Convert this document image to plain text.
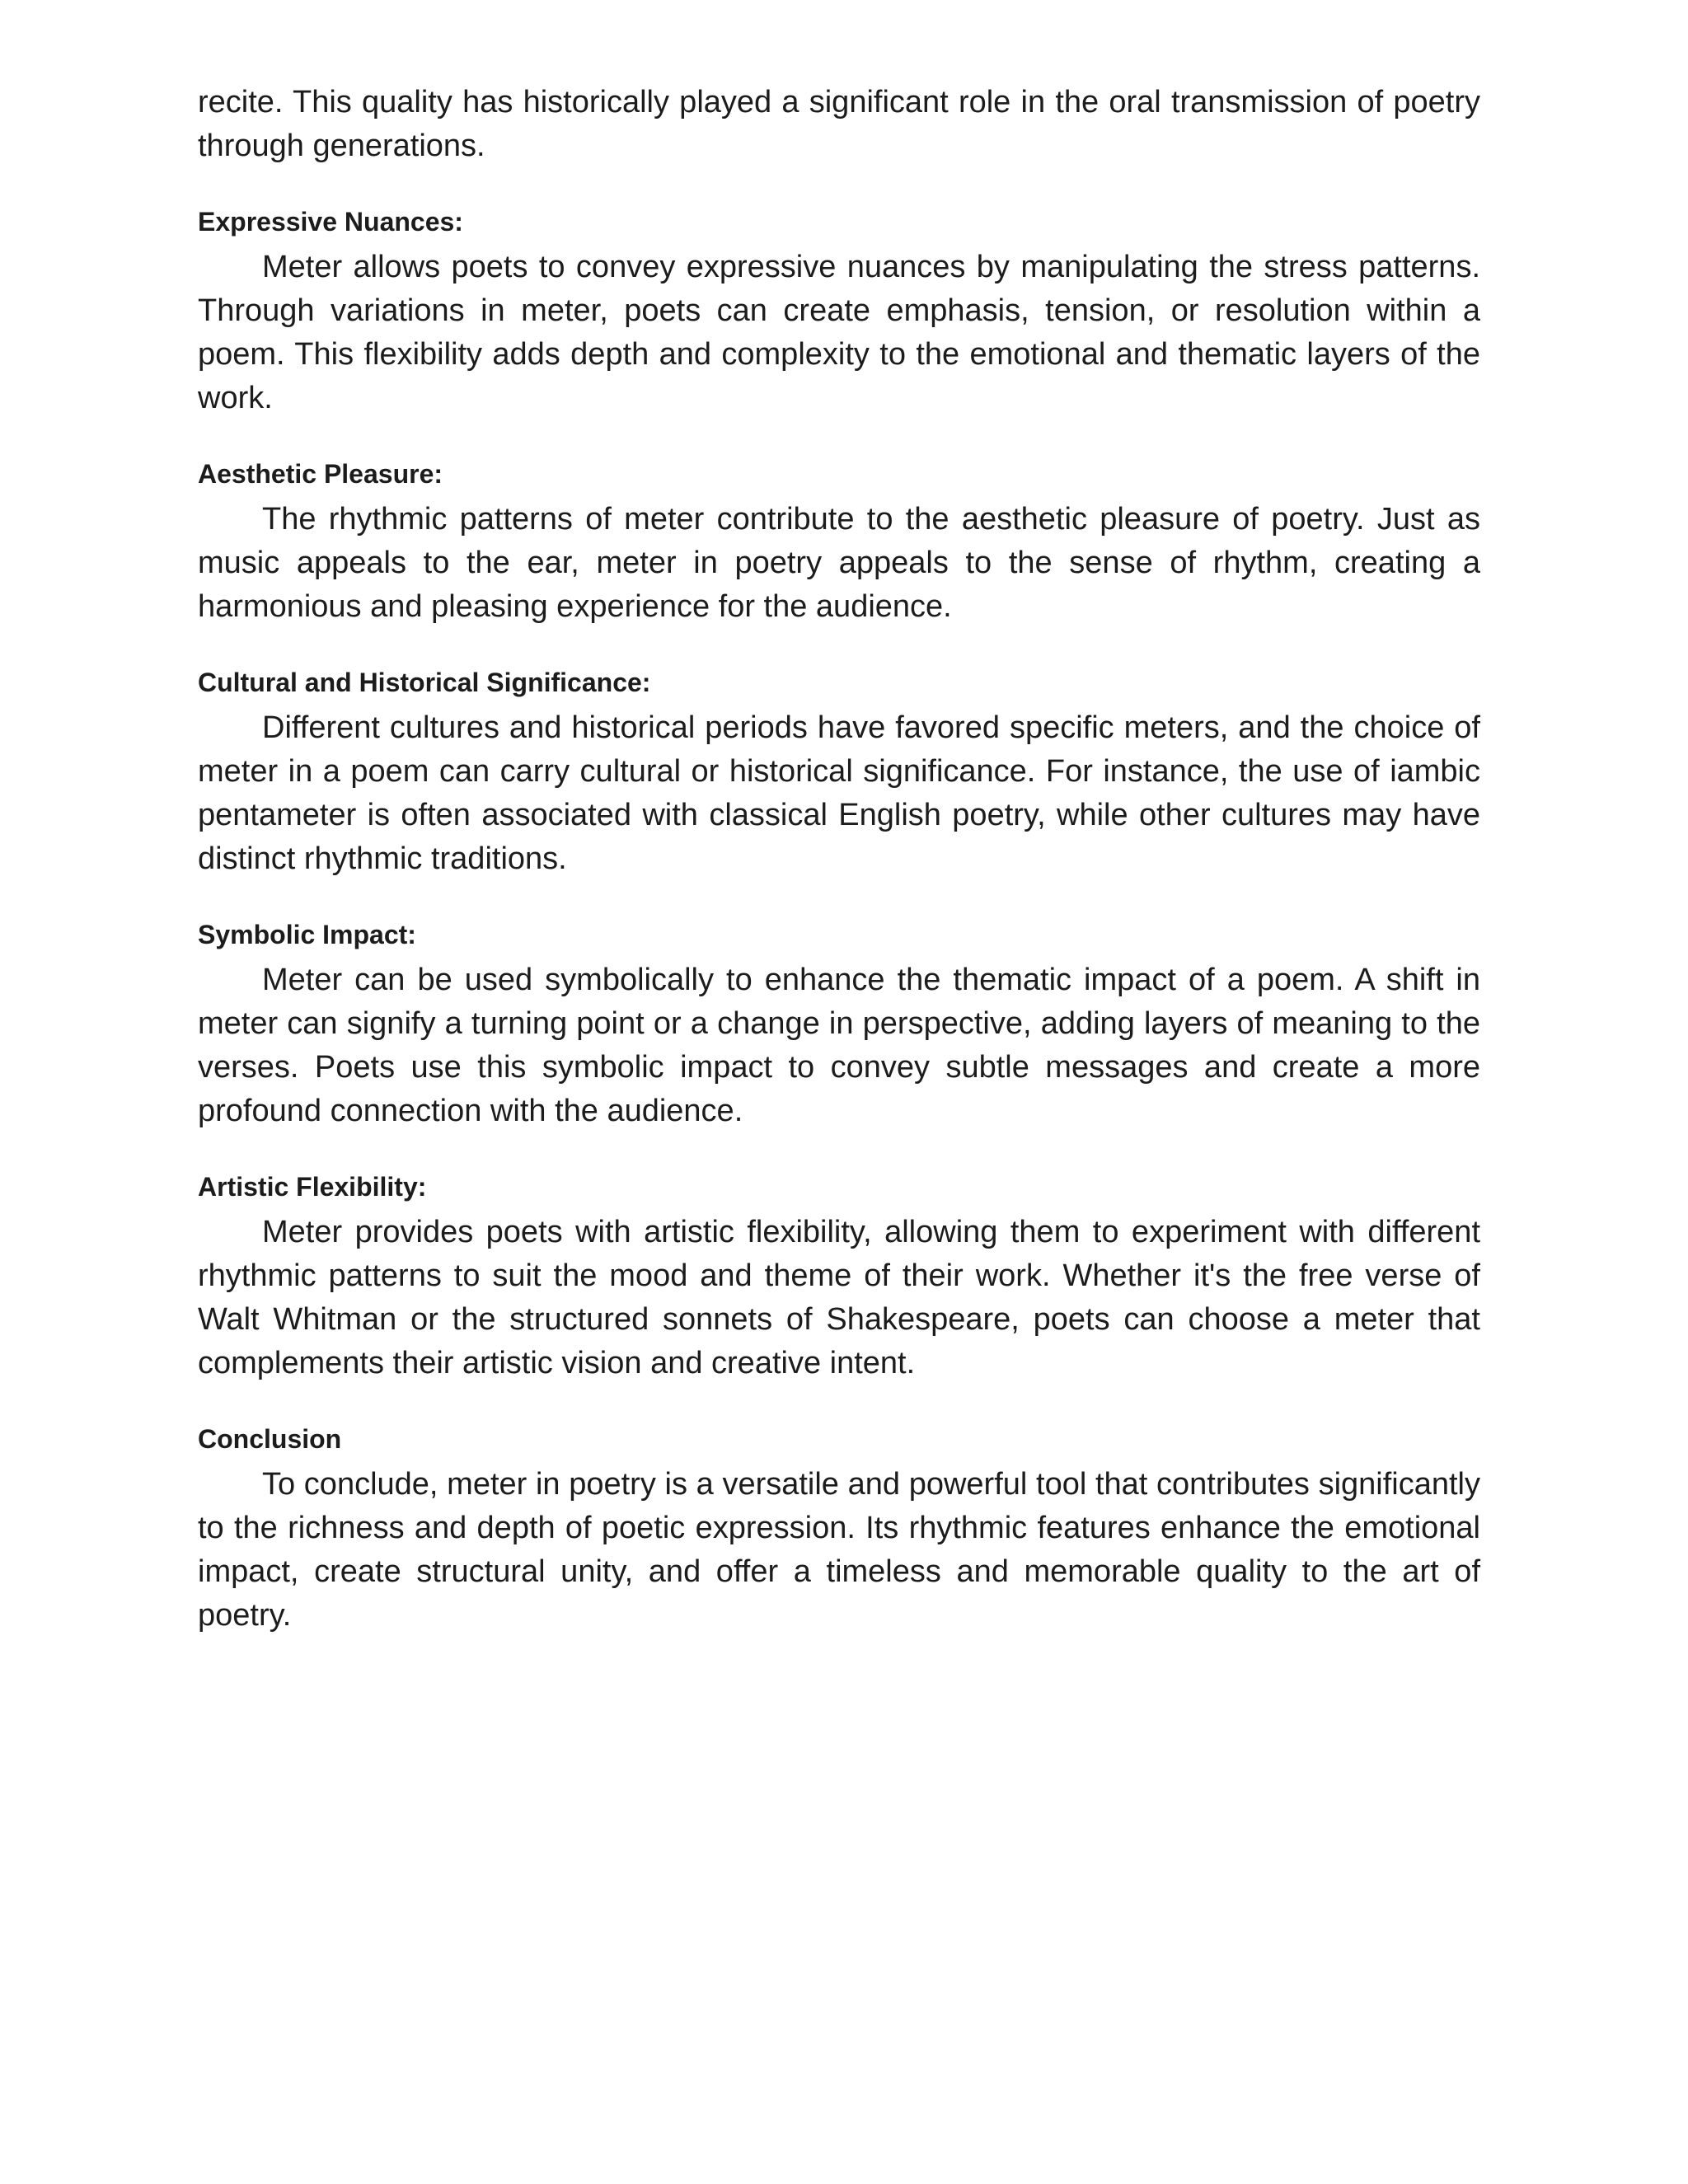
recite. This quality has historically played a significant role in the oral transmission of poetry through generations.

Expressive Nuances:

Meter allows poets to convey expressive nuances by manipulating the stress patterns. Through variations in meter, poets can create emphasis, tension, or resolution within a poem. This flexibility adds depth and complexity to the emotional and thematic layers of the work.

Aesthetic Pleasure:

The rhythmic patterns of meter contribute to the aesthetic pleasure of poetry. Just as music appeals to the ear, meter in poetry appeals to the sense of rhythm, creating a harmonious and pleasing experience for the audience.

Cultural and Historical Significance:

Different cultures and historical periods have favored specific meters, and the choice of meter in a poem can carry cultural or historical significance. For instance, the use of iambic pentameter is often associated with classical English poetry, while other cultures may have distinct rhythmic traditions.

Symbolic Impact:

Meter can be used symbolically to enhance the thematic impact of a poem. A shift in meter can signify a turning point or a change in perspective, adding layers of meaning to the verses. Poets use this symbolic impact to convey subtle messages and create a more profound connection with the audience.

Artistic Flexibility:

Meter provides poets with artistic flexibility, allowing them to experiment with different rhythmic patterns to suit the mood and theme of their work. Whether it's the free verse of Walt Whitman or the structured sonnets of Shakespeare, poets can choose a meter that complements their artistic vision and creative intent.

Conclusion

To conclude, meter in poetry is a versatile and powerful tool that contributes significantly to the richness and depth of poetic expression. Its rhythmic features enhance the emotional impact, create structural unity, and offer a timeless and memorable quality to the art of poetry.
